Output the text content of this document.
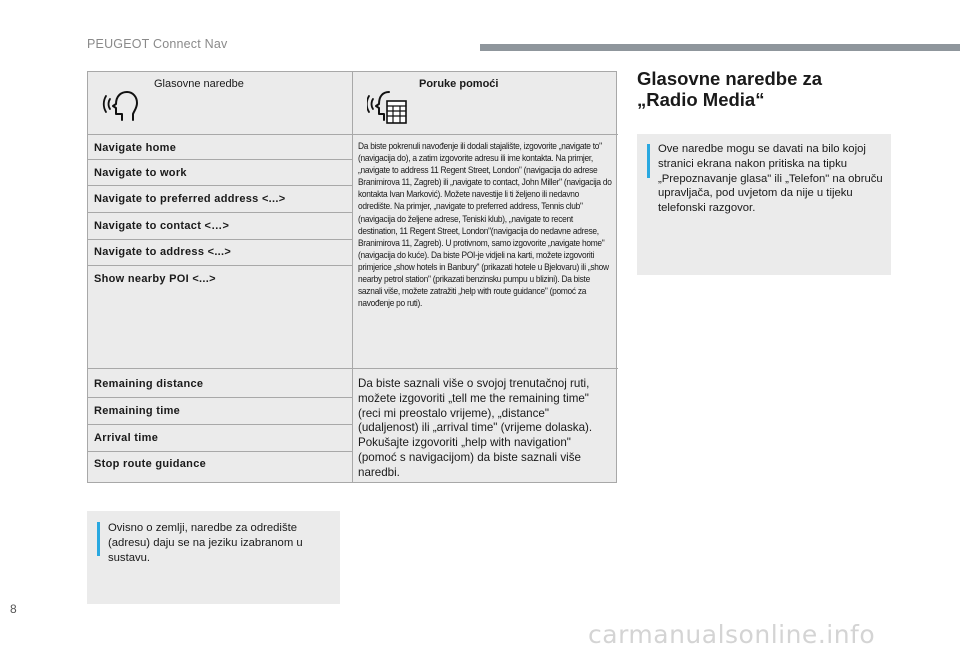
PEUGEOT Connect Nav
Glasovne naredbe	Poruke pomoći
Navigate home
Navigate to work
Navigate to preferred address <...>
Navigate to contact <…>
Navigate to address <...>
Show nearby POI <...>
Da biste pokrenuli navođenje ili dodali stajalište, izgovorite „navigate to" (navigacija do), a zatim izgovorite adresu ili ime kontakta. Na primjer, „navigate to address 11 Regent Street, London" (navigacija do adrese Branimirova 11, Zagreb) ili „navigate to contact, John Miller" (navigacija do kontakta Ivan Marković). Možete navestije li ti željeno ili nedavno odredište. Na primjer, „navigate to preferred address, Tennis club" (navigacija do željene adrese, Teniski klub), „navigate to recent destination, 11 Regent Street, London"(navigacija do nedavne adrese, Branimirova 11, Zagreb). U protivnom, samo izgovorite „navigate home" (navigacija do kuće). Da biste POI-je vidjeli na karti, možete izgovoriti primjerice „show hotels in Banbury" (prikazati hotele u Bjelovaru) ili „show nearby petrol station" (prikazati benzinsku pumpu u blizini). Da biste saznali više, možete zatražiti „help with route guidance" (pomoć za navođenje po ruti).
Remaining distance
Remaining time
Arrival time
Stop route guidance
Da biste saznali više o svojoj trenutačnoj ruti, možete izgovoriti „tell me the remaining time" (reci mi preostalo vrijeme), „distance" (udaljenost) ili „arrival time" (vrijeme dolaska). Pokušajte izgovoriti „help with navigation" (pomoć s navigacijom) da biste saznali više naredbi.
Ovisno o zemlji, naredbe za odredište (adresu) daju se na jeziku izabranom u sustavu.
Glasovne naredbe za
„Radio Media“
Ove naredbe mogu se davati na bilo kojoj stranici ekrana nakon pritiska na tipku „Prepoznavanje glasa" ili „Telefon" na obruču upravljača, pod uvjetom da nije u tijeku telefonski razgovor.
8
carmanualsonline.info
